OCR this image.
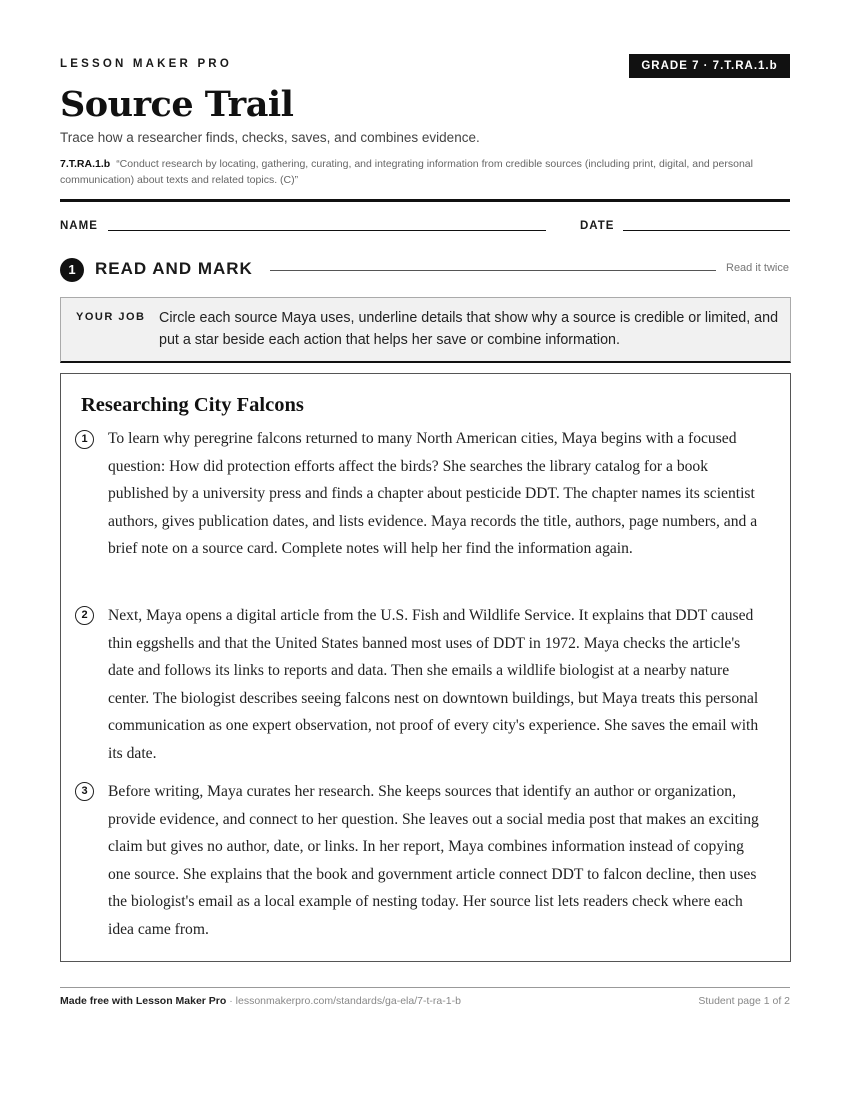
LESSON MAKER PRO	GRADE 7 · 7.T.RA.1.b
Source Trail
Trace how a researcher finds, checks, saves, and combines evidence.
7.T.RA.1.b “Conduct research by locating, gathering, curating, and integrating information from credible sources (including print, digital, and personal communication) about texts and related topics. (C)”
NAME	DATE
1	READ AND MARK	Read it twice
YOUR JOB Circle each source Maya uses, underline details that show why a source is credible or limited, and put a star beside each action that helps her save or combine information.
Researching City Falcons
1	To learn why peregrine falcons returned to many North American cities, Maya begins with a focused question: How did protection efforts affect the birds? She searches the library catalog for a book published by a university press and finds a chapter about pesticide DDT. The chapter names its scientist authors, gives publication dates, and lists evidence. Maya records the title, authors, page numbers, and a brief note on a source card. Complete notes will help her find the information again.

2	Next, Maya opens a digital article from the U.S. Fish and Wildlife Service. It explains that DDT caused thin eggshells and that the United States banned most uses of DDT in 1972. Maya checks the article's date and follows its links to reports and data. Then she emails a wildlife biologist at a nearby nature center. The biologist describes seeing falcons nest on downtown buildings, but Maya treats this personal communication as one expert observation, not proof of every city's experience. She saves the email with its date.

3	Before writing, Maya curates her research. She keeps sources that identify an author or organization, provide evidence, and connect to her question. She leaves out a social media post that makes an exciting claim but gives no author, date, or links. In her report, Maya combines information instead of copying one source. She explains that the book and government article connect DDT to falcon decline, then uses the biologist's email as a local example of nesting today. Her source list lets readers check where each idea came from.

Made free with Lesson Maker Pro · lessonmakerpro.com/standards/ga-ela/7-t-ra-1-b	Student page 1 of 2
